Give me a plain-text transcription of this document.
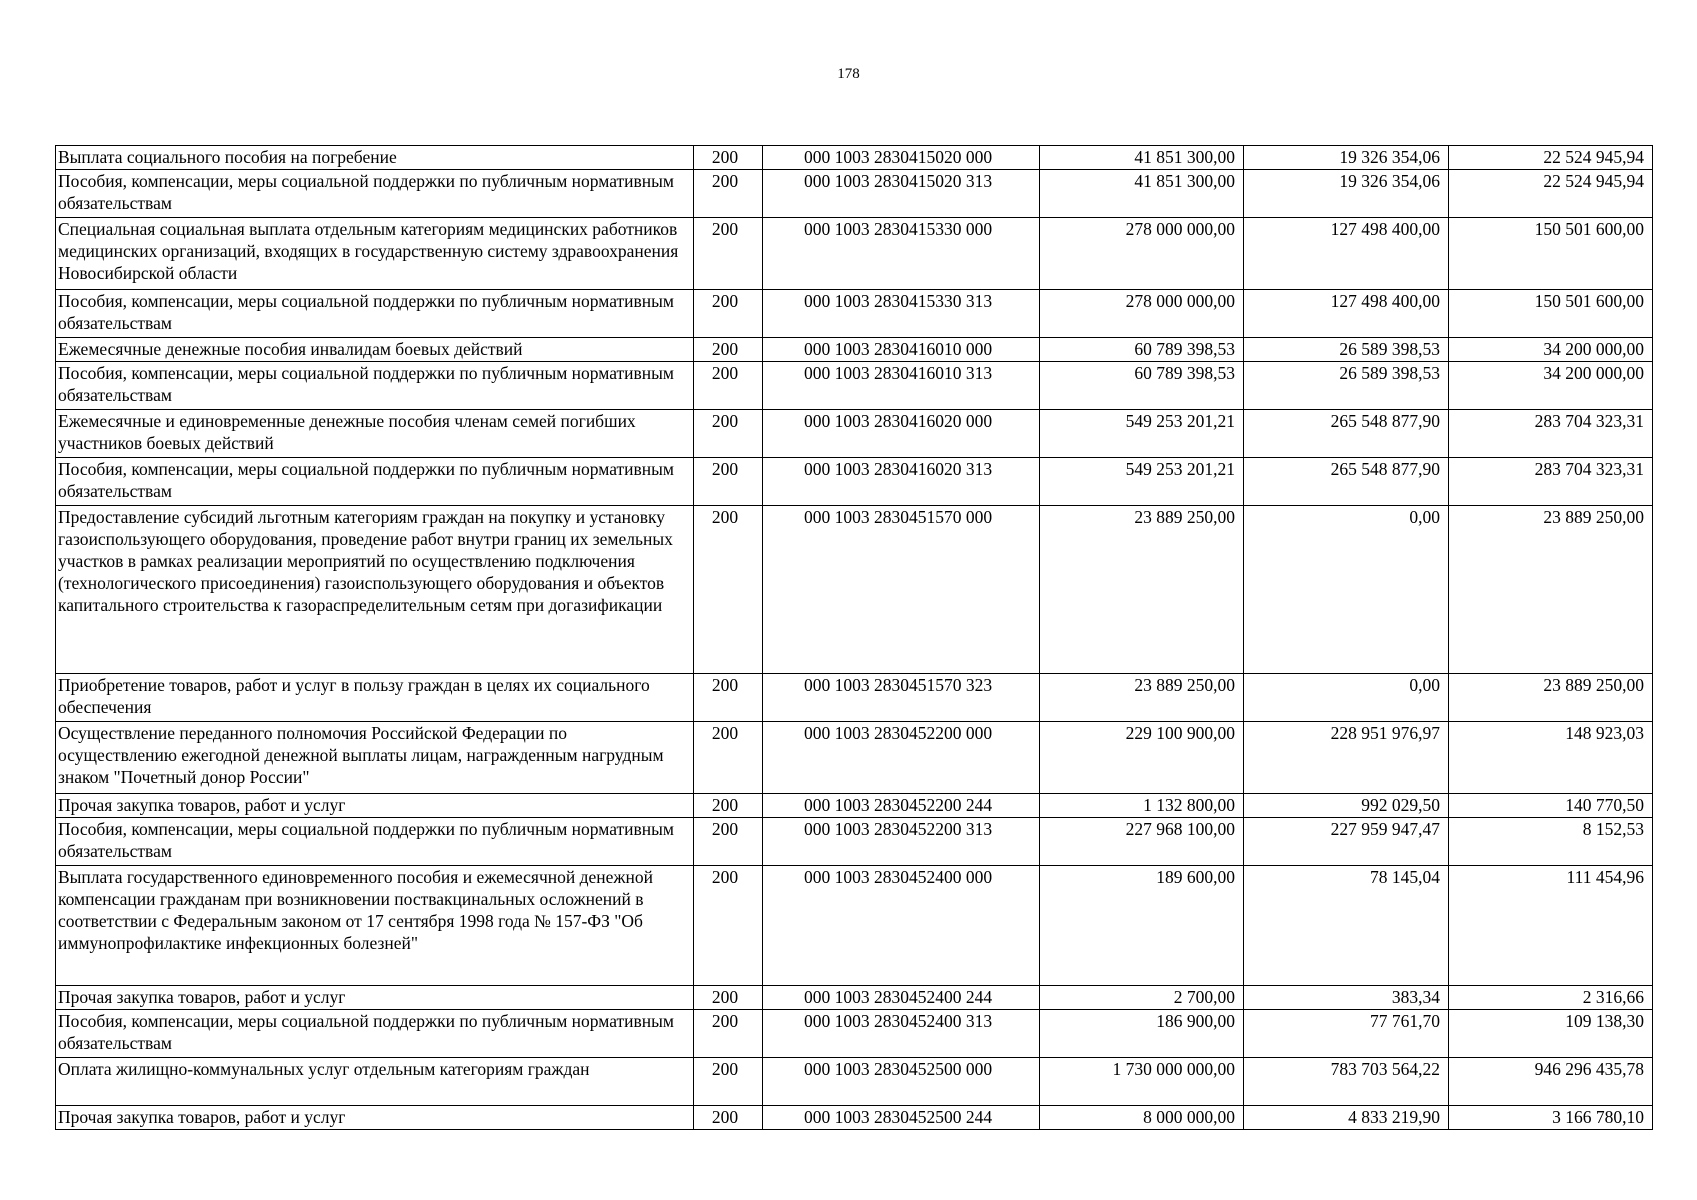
178
Выплата социального пособия на погребение	200	000 1003 2830415020 000	41 851 300,00	19 326 354,06	22 524 945,94
Пособия, компенсации, меры социальной поддержки по публичным нормативным обязательствам	200	000 1003 2830415020 313	41 851 300,00	19 326 354,06	22 524 945,94
Специальная социальная выплата отдельным категориям медицинских работников медицинских организаций, входящих в государственную систему здравоохранения Новосибирской области	200	000 1003 2830415330 000	278 000 000,00	127 498 400,00	150 501 600,00
Пособия, компенсации, меры социальной поддержки по публичным нормативным обязательствам	200	000 1003 2830415330 313	278 000 000,00	127 498 400,00	150 501 600,00
Ежемесячные денежные пособия инвалидам боевых действий	200	000 1003 2830416010 000	60 789 398,53	26 589 398,53	34 200 000,00
Пособия, компенсации, меры социальной поддержки по публичным нормативным обязательствам	200	000 1003 2830416010 313	60 789 398,53	26 589 398,53	34 200 000,00
Ежемесячные и единовременные денежные пособия членам семей погибших участников боевых действий	200	000 1003 2830416020 000	549 253 201,21	265 548 877,90	283 704 323,31
Пособия, компенсации, меры социальной поддержки по публичным нормативным обязательствам	200	000 1003 2830416020 313	549 253 201,21	265 548 877,90	283 704 323,31
Предоставление субсидий льготным категориям граждан на покупку и установку газоиспользующего оборудования, проведение работ внутри границ их земельных участков в рамках реализации мероприятий по осуществлению подключения (технологического присоединения) газоиспользующего оборудования и объектов капитального строительства к газораспределительным сетям при догазификации	200	000 1003 2830451570 000	23 889 250,00	0,00	23 889 250,00
Приобретение товаров, работ и услуг в пользу граждан в целях их социального обеспечения	200	000 1003 2830451570 323	23 889 250,00	0,00	23 889 250,00
Осуществление переданного полномочия Российской Федерации по осуществлению ежегодной денежной выплаты лицам, награжденным нагрудным знаком "Почетный донор России"	200	000 1003 2830452200 000	229 100 900,00	228 951 976,97	148 923,03
Прочая закупка товаров, работ и услуг	200	000 1003 2830452200 244	1 132 800,00	992 029,50	140 770,50
Пособия, компенсации, меры социальной поддержки по публичным нормативным обязательствам	200	000 1003 2830452200 313	227 968 100,00	227 959 947,47	8 152,53
Выплата государственного единовременного пособия и ежемесячной денежной компенсации гражданам при возникновении поствакцинальных осложнений в соответствии с Федеральным законом от 17 сентября 1998 года № 157-ФЗ "Об иммунопрофилактике инфекционных болезней"	200	000 1003 2830452400 000	189 600,00	78 145,04	111 454,96
Прочая закупка товаров, работ и услуг	200	000 1003 2830452400 244	2 700,00	383,34	2 316,66
Пособия, компенсации, меры социальной поддержки по публичным нормативным обязательствам	200	000 1003 2830452400 313	186 900,00	77 761,70	109 138,30
Оплата жилищно-коммунальных услуг отдельным категориям граждан	200	000 1003 2830452500 000	1 730 000 000,00	783 703 564,22	946 296 435,78
Прочая закупка товаров, работ и услуг	200	000 1003 2830452500 244	8 000 000,00	4 833 219,90	3 166 780,10
